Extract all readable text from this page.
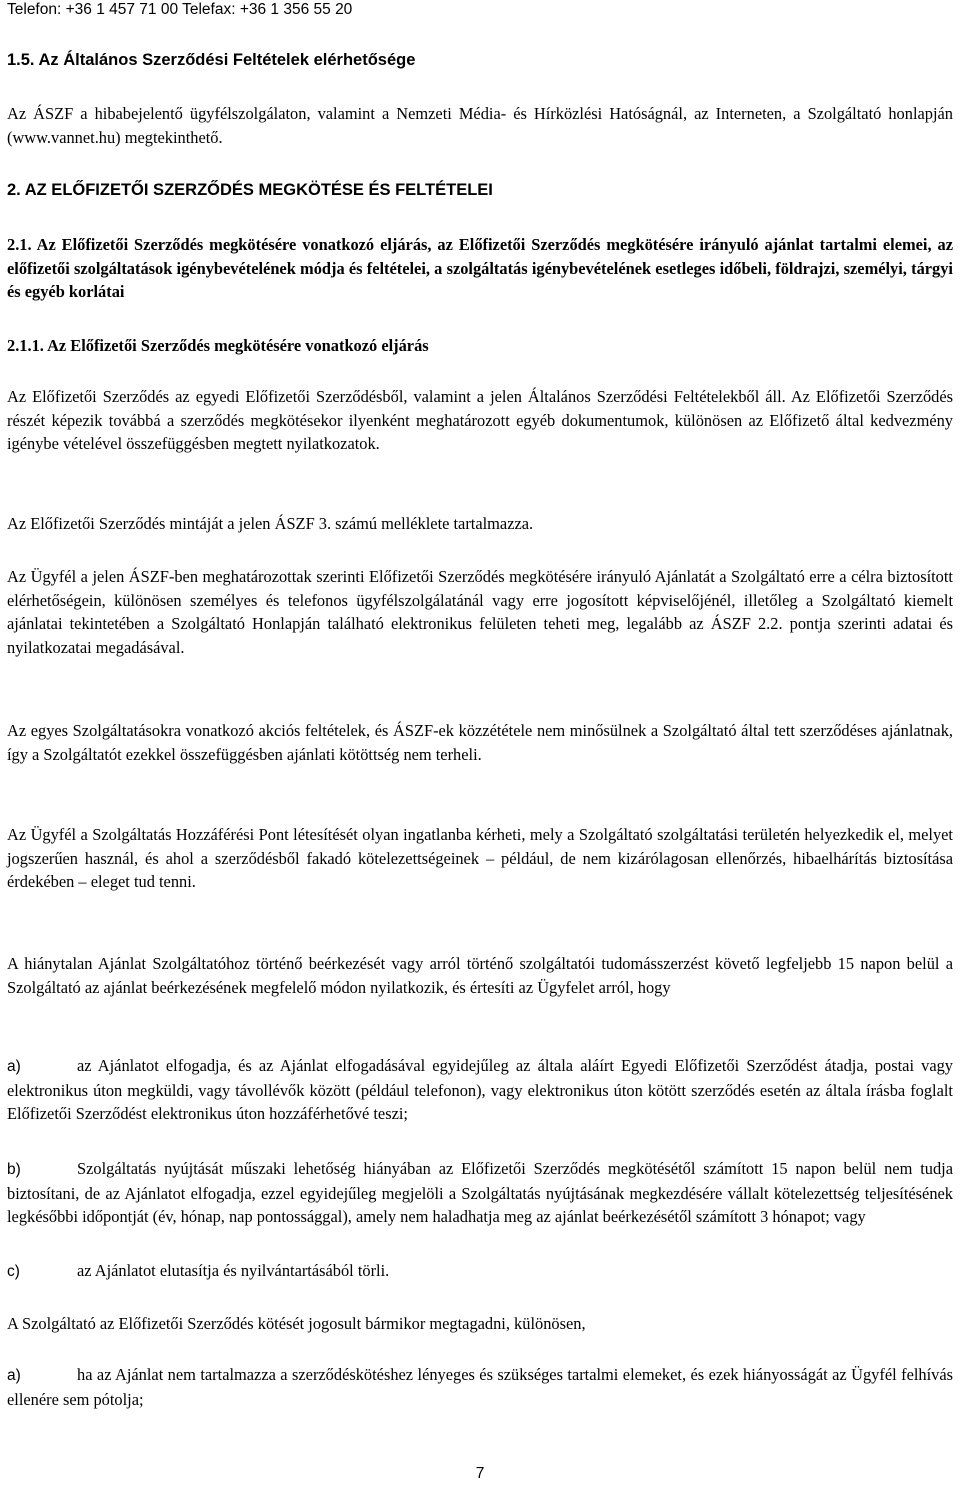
Telefon: +36 1 457 71 00 Telefax: +36 1 356 55 20
1.5. Az Általános Szerződési Feltételek elérhetősége

Az ÁSZF a hibabejelentő ügyfélszolgálaton, valamint a Nemzeti Média- és Hírközlési Hatóságnál, az Interneten, a Szolgáltató honlapján (www.vannet.hu) megtekinthető.

2. AZ ELŐFIZETŐI SZERZŐDÉS MEGKÖTÉSE ÉS FELTÉTELEI

2.1. Az Előfizetői Szerződés megkötésére vonatkozó eljárás, az Előfizetői Szerződés megkötésére irányuló ajánlat tartalmi elemei, az előfizetői szolgáltatások igénybevételének módja és feltételei, a szolgáltatás igénybevételének esetleges időbeli, földrajzi, személyi, tárgyi és egyéb korlátai

2.1.1. Az Előfizetői Szerződés megkötésére vonatkozó eljárás

Az Előfizetői Szerződés az egyedi Előfizetői Szerződésből, valamint a jelen Általános Szerződési Feltételekből áll. Az Előfizetői Szerződés részét képezik továbbá a szerződés megkötésekor ilyenként meghatározott egyéb dokumentumok, különösen az Előfizető által kedvezmény igénybe vételével összefüggésben megtett nyilatkozatok.

Az Előfizetői Szerződés mintáját a jelen ÁSZF 3. számú melléklete tartalmazza.

Az Ügyfél a jelen ÁSZF-ben meghatározottak szerinti Előfizetői Szerződés megkötésére irányuló Ajánlatát a Szolgáltató erre a célra biztosított elérhetőségein, különösen személyes és telefonos ügyfélszolgálatánál vagy erre jogosított képviselőjénél, illetőleg a Szolgáltató kiemelt ajánlatai tekintetében a Szolgáltató Honlapján található elektronikus felületen teheti meg, legalább az ÁSZF 2.2. pontja szerinti adatai és nyilatkozatai megadásával.

Az egyes Szolgáltatásokra vonatkozó akciós feltételek, és ÁSZF-ek közzététele nem minősülnek a Szolgáltató által tett szerződéses ajánlatnak, így a Szolgáltatót ezekkel összefüggésben ajánlati kötöttség nem terheli.

Az Ügyfél a Szolgáltatás Hozzáférési Pont létesítését olyan ingatlanba kérheti, mely a Szolgáltató szolgáltatási területén helyezkedik el, melyet jogszerűen használ, és ahol a szerződésből fakadó kötelezettségeinek – például, de nem kizárólagosan ellenőrzés, hibaelhárítás biztosítása érdekében – eleget tud tenni.

A hiánytalan Ajánlat Szolgáltatóhoz történő beérkezését vagy arról történő szolgáltatói tudomásszerzést követő legfeljebb 15 napon belül a Szolgáltató az ajánlat beérkezésének megfelelő módon nyilatkozik, és értesíti az Ügyfelet arról, hogy

a)	az Ajánlatot elfogadja, és az Ajánlat elfogadásával egyidejűleg az általa aláírt Egyedi Előfizetői Szerződést átadja, postai vagy elektronikus úton megküldi, vagy távollévők között (például telefonon), vagy elektronikus úton kötött szerződés esetén az általa írásba foglalt Előfizetői Szerződést elektronikus úton hozzáférhetővé teszi;

b)	Szolgáltatás nyújtását műszaki lehetőség hiányában az Előfizetői Szerződés megkötésétől számított 15 napon belül nem tudja biztosítani, de az Ajánlatot elfogadja, ezzel egyidejűleg megjelöli a Szolgáltatás nyújtásának megkezdésére vállalt kötelezettség teljesítésének legkésőbbi időpontját (év, hónap, nap pontossággal), amely nem haladhatja meg az ajánlat beérkezésétől számított 3 hónapot; vagy

c)	az Ajánlatot elutasítja és nyilvántartásából törli.

A Szolgáltató az Előfizetői Szerződés kötését jogosult bármikor megtagadni, különösen,

a)	ha az Ajánlat nem tartalmazza a szerződéskötéshez lényeges és szükséges tartalmi elemeket, és ezek hiányosságát az Ügyfél felhívás ellenére sem pótolja;

7
